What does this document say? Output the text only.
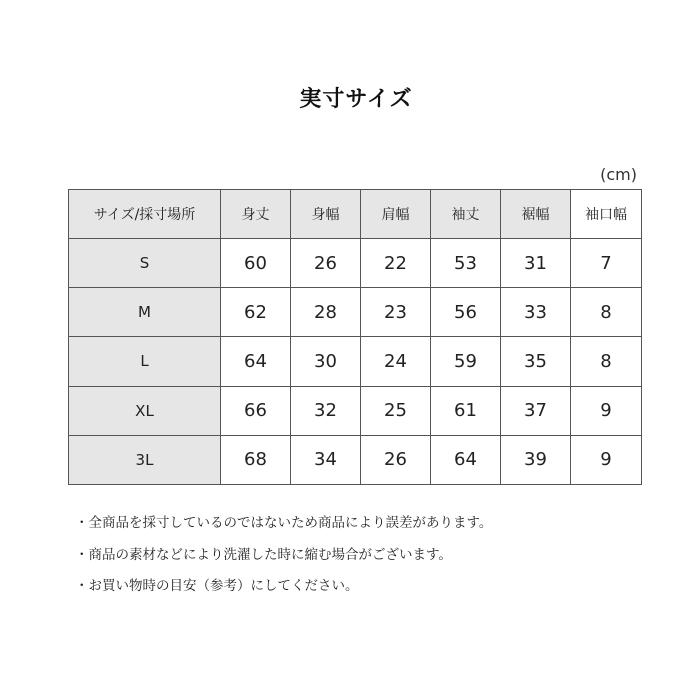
実寸サイズ
(cm)
サイズ/採寸場所	身丈	身幅	肩幅	袖丈	裾幅	袖口幅
S	60	26	22	53	31	7
M	62	28	23	56	33	8
L	64	30	24	59	35	8
XL	66	32	25	61	37	9
3L	68	34	26	64	39	9
・全商品を採寸しているのではないため商品により誤差があります。
・商品の素材などにより洗濯した時に縮む場合がございます。
・お買い物時の目安（参考）にしてください。
